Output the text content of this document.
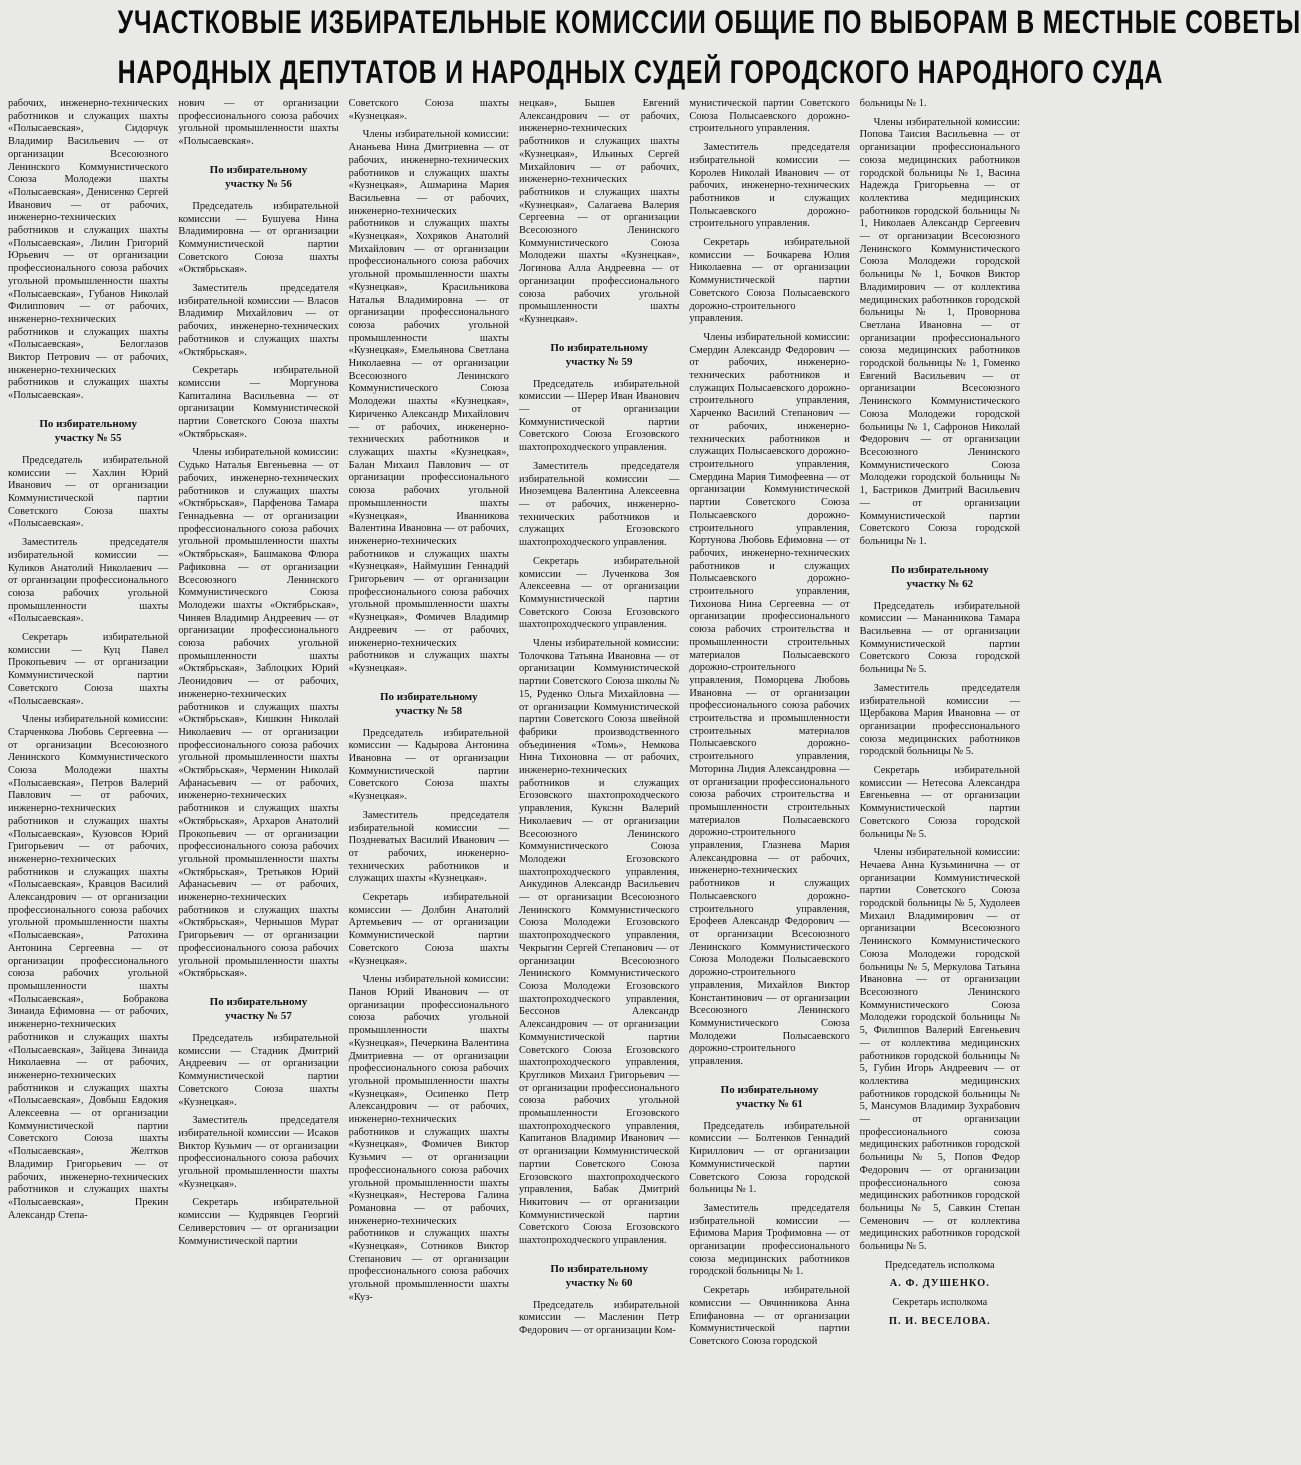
УЧАСТКОВЫЕ ИЗБИРАТЕЛЬНЫЕ КОМИССИИ ОБЩИЕ ПО ВЫБОРАМ В МЕСТНЫЕ СОВЕТЫ
НАРОДНЫХ ДЕПУТАТОВ И НАРОДНЫХ СУДЕЙ ГОРОДСКОГО НАРОДНОГО СУДА

рабочих, инженерно-технических работников и служащих шахты «Полысаевская», Сидорчук Владимир Васильевич — от организации Всесоюзного Ленинского Коммунистического Союза Молодежи шахты «Полысаевская», Денисенко Сергей Иванович — от рабочих, инженерно-технических работников и служащих шахты «Полысаевская», Лилин Григорий Юрьевич — от организации профессионального союза рабочих угольной промышленности шахты «Полысаевская», Губанов Николай Филиппович — от рабочих, инженерно-технических работников и служащих шахты «Полысаевская», Белоглазов Виктор Петрович — от рабочих, инженерно-технических работников и служащих шахты «Полысаевская».

По избирательному
участку № 55

Председатель избирательной комиссии — Хахлин Юрий Иванович — от организации Коммунистической партии Советского Союза шахты «Полысаевская».

Заместитель председателя избирательной комиссии — Куликов Анатолий Николаевич — от организации профессионального союза рабочих угольной промышленности шахты «Полысаевская».

Секретарь избирательной комиссии — Куц Павел Прокопьевич — от организации Коммунистической партии Советского Союза шахты «Полысаевская».

Члены избирательной комиссии: Старченкова Любовь Сергеевна — от организации Всесоюзного Ленинского Коммунистического Союза Молодежи шахты «Полысаевская», Петров Валерий Павлович — от рабочих, инженерно-технических работников и служащих шахты «Полысаевская», Кузовсов Юрий Григорьевич — от рабочих, инженерно-технических работников и служащих шахты «Полысаевская», Кравцов Василий Александрович — от организации профессионального союза рабочих угольной промышленности шахты «Полысаевская», Ратохина Антонина Сергеевна — от организации профессионального союза рабочих угольной промышленности шахты «Полысаевская», Бобракова Зинаида Ефимовна — от рабочих, инженерно-технических работников и служащих шахты «Полысаевская», Зайцева Зинаида Николаевна — от рабочих, инженерно-технических работников и служащих шахты «Полысаевская», Довбыш Евдокия Алексеевна — от организации Коммунистической партии Советского Союза шахты «Полысаевская», Желтков Владимир Григорьевич — от рабочих, инженерно-технических работников и служащих шахты «Полысаевская», Прекин Александр Степа-

нович — от организации профессионального союза рабочих угольной промышленности шахты «Полысаевская».

По избирательному
участку № 56

Председатель избирательной комиссии — Бушуева Нина Владимировна — от организации Коммунистической партии Советского Союза шахты «Октябрьская».

Заместитель председателя избирательной комиссии — Власов Владимир Михайлович — от рабочих, инженерно-технических работников и служащих шахты «Октябрьская».

Секретарь избирательной комиссии — Моргунова Капиталина Васильевна — от организации Коммунистической партии Советского Союза шахты «Октябрьская».

Члены избирательной комиссии: Судько Наталья Евгеньевна — от рабочих, инженерно-технических работников и служащих шахты «Октябрьская», Парфенова Тамара Геннадьевна — от организации профессионального союза рабочих угольной промышленности шахты «Октябрьская», Башмакова Флюра Рафиковна — от организации Всесоюзного Ленинского Коммунистического Союза Молодежи шахты «Октябрьская», Чиняев Владимир Андреевич — от организации профессионального союза рабочих угольной промышленности шахты «Октябрьская», Заблоцких Юрий Леонидович — от рабочих, инженерно-технических работников и служащих шахты «Октябрьская», Кишкин Николай Николаевич — от организации профессионального союза рабочих угольной промышленности шахты «Октябрьская», Черменин Николай Афанасьевич — от рабочих, инженерно-технических работников и служащих шахты «Октябрьская», Архаров Анатолий Прокопьевич — от организации профессионального союза рабочих угольной промышленности шахты «Октябрьская», Третьяков Юрий Афанасьевич — от рабочих, инженерно-технических работников и служащих шахты «Октябрьская», Чернышов Мурат Григорьевич — от организации профессионального союза рабочих угольной промышленности шахты «Октябрьская».

По избирательному
участку № 57

Председатель избирательной комиссии — Стадник Дмитрий Андреевич — от организации Коммунистической партии Советского Союза шахты «Кузнецкая».

Заместитель председателя избирательной комиссии — Исаков Виктор Кузьмич — от организации профессионального союза рабочих угольной промышленности шахты «Кузнецкая».

Секретарь избирательной комиссии — Кудрявцев Георгий Селиверстович — от организации Коммунистической партии

Советского Союза шахты «Кузнецкая».

Члены избирательной комиссии: Ананьева Нина Дмитриевна — от рабочих, инженерно-технических работников и служащих шахты «Кузнецкая», Ашмарина Мария Васильевна — от рабочих, инженерно-технических работников и служащих шахты «Кузнецкая», Хохряков Анатолий Михайлович — от организации профессионального союза рабочих угольной промышленности шахты «Кузнецкая», Красильникова Наталья Владимировна — от организации профессионального союза рабочих угольной промышленности шахты «Кузнецкая», Емельянова Светлана Николаевна — от организации Всесоюзного Ленинского Коммунистического Союза Молодежи шахты «Кузнецкая», Кириченко Александр Михайлович — от рабочих, инженерно-технических работников и служащих шахты «Кузнецкая», Балан Михаил Павлович — от организации профессионального союза рабочих угольной промышленности шахты «Кузнецкая», Иванникова Валентина Ивановна — от рабочих, инженерно-технических работников и служащих шахты «Кузнецкая», Наймушин Геннадий Григорьевич — от организации профессионального союза рабочих угольной промышленности шахты «Кузнецкая», Фомичев Владимир Андреевич — от рабочих, инженерно-технических работников и служащих шахты «Кузнецкая».

По избирательному
участку № 58

Председатель избирательной комиссии — Кадырова Антонина Ивановна — от организации Коммунистической партии Советского Союза шахты «Кузнецкая».

Заместитель председателя избирательной комиссии — Поздневатых Василий Иванович — от рабочих, инженерно-технических работников и служащих шахты «Кузнецкая».

Секретарь избирательной комиссии — Долбин Анатолий Артемьевич — от организации Коммунистической партии Советского Союза шахты «Кузнецкая».

Члены избирательной комиссии: Панов Юрий Иванович — от организации профессионального союза рабочих угольной промышленности шахты «Кузнецкая», Печеркина Валентина Дмитриевна — от организации профессионального союза рабочих угольной промышленности шахты «Кузнецкая», Осипенко Петр Александрович — от рабочих, инженерно-технических работников и служащих шахты «Кузнецкая», Фомичев Виктор Кузьмич — от организации профессионального союза рабочих угольной промышленности шахты «Кузнецкая», Нестерова Галина Романовна — от рабочих, инженерно-технических работников и служащих шахты «Кузнецкая», Сотников Виктор Степанович — от организации профессионального союза рабочих угольной промышленности шахты «Куз-

нецкая», Бышев Евгений Александрович — от рабочих, инженерно-технических работников и служащих шахты «Кузнецкая», Ильиных Сергей Михайлович — от рабочих, инженерно-технических работников и служащих шахты «Кузнецкая», Салагаева Валерия Сергеевна — от организации Всесоюзного Ленинского Коммунистического Союза Молодежи шахты «Кузнецкая», Логинова Алла Андреевна — от организации профессионального союза рабочих угольной промышленности шахты «Кузнецкая».

По избирательному
участку № 59

Председатель избирательной комиссии — Шерер Иван Иванович — от организации Коммунистической партии Советского Союза Егозовского шахтопроходческого управления.

Заместитель председателя избирательной комиссии — Иноземцева Валентина Алексеевна — от рабочих, инженерно-технических работников и служащих Егозовского шахтопроходческого управления.

Секретарь избирательной комиссии — Лученкова Зоя Алексеевна — от организации Коммунистической партии Советского Союза Егозовского шахтопроходческого управления.

Члены избирательной комиссии: Толочкова Татьяна Ивановна — от организации Коммунистической партии Советского Союза школы № 15, Руденко Ольга Михайловна — от организации Коммунистической партии Советского Союза швейной фабрики производственного объединения «Томь», Немкова Нина Тихоновна — от рабочих, инженерно-технических работников и служащих Егозовского шахтопроходческого управления, Кукснн Валерий Николаевич — от организации Всесоюзного Ленинского Коммунистического Союза Молодежи Егозовского шахтопроходческого управления, Анкудинов Александр Васильевич — от организации Всесоюзного Ленинского Коммунистического Союза Молодежи Егозовского шахтопроходческого управления, Чекрыгин Сергей Степанович — от организации Всесоюзного Ленинского Коммунистического Союза Молодежи Егозовского шахтопроходческого управления, Бессонов Александр Александрович — от организации Коммунистической партии Советского Союза Егозовского шахтопроходческого управления, Кругликов Михаил Григорьевич — от организации профессионального союза рабочих угольной промышленности Егозовского шахтопроходческого управления, Капитанов Владимир Иванович — от организации Коммунистической партии Советского Союза Егозовского шахтопроходческого управления, Бабак Дмитрий Никитович — от организации Коммунистической партии Советского Союза Егозовского шахтопроходческого управления.

По избирательному
участку № 60

Председатель избирательной комиссии — Масленин Петр Федорович — от организации Ком-

мунистической партии Советского Союза Полысаевского дорожно-строительного управления.

Заместитель председателя избирательной комиссии — Королев Николай Иванович — от рабочих, инженерно-технических работников и служащих Полысаевского дорожно-строительного управления.

Секретарь избирательной комиссии — Бочкарева Юлия Николаевна — от организации Коммунистической партии Советского Союза Полысаевского дорожно-строительного управления.

Члены избирательной комиссии: Смердин Александр Федорович — от рабочих, инженерно-технических работников и служащих Полысаевского дорожно-строительного управления, Харченко Василий Степанович — от рабочих, инженерно-технических работников и служащих Полысаевского дорожно-строительного управления, Смердина Мария Тимофеевна — от организации Коммунистической партии Советского Союза Полысаевского дорожно-строительного управления, Кортунова Любовь Ефимовна — от рабочих, инженерно-технических работников и служащих Полысаевского дорожно-строительного управления, Тихонова Нина Сергеевна — от организации профессионального союза рабочих строительства и промышленности строительных материалов Полысаевского дорожно-строительного управления, Поморцева Любовь Ивановна — от организации профессионального союза рабочих строительства и промышленности строительных материалов Полысаевского дорожно-строительного управления, Моторина Лидия Александровна — от организации профессионального союза рабочих строительства и промышленности строительных материалов Полысаевского дорожно-строительного управления, Глазнева Мария Александровна — от рабочих, инженерно-технических работников и служащих Полысаевского дорожно-строительного управления, Ерофеев Александр Федорович — от организации Всесоюзного Ленинского Коммунистического Союза Молодежи Полысаевского дорожно-строительного управления, Михайлов Виктор Константинович — от организации Всесоюзного Ленинского Коммунистического Союза Молодежи Полысаевского дорожно-строительного управления.

По избирательному
участку № 61

Председатель избирательной комиссии — Болтенков Геннадий Кириллович — от организации Коммунистической партии Советского Союза городской больницы № 1.

Заместитель председателя избирательной комиссии — Ефимова Мария Трофимовна — от организации профессионального союза медицинских работников городской больницы № 1.

Секретарь избирательной комиссии — Овчинникова Анна Епифановна — от организации Коммунистической партии Советского Союза городской

больницы № 1.

Члены избирательной комиссии: Попова Таисия Васильевна — от организации профессионального союза медицинских работников городской больницы № 1, Васина Надежда Григорьевна — от коллектива медицинских работников городской больницы № 1, Николаев Александр Сергеевич — от организации Всесоюзного Ленинского Коммунистического Союза Молодежи городской больницы № 1, Бочков Виктор Владимирович — от коллектива медицинских работников городской больницы № 1, Проворнова Светлана Ивановна — от организации профессионального союза медицинских работников городской больницы № 1, Гоменко Евгений Васильевич — от организации Всесоюзного Ленинского Коммунистического Союза Молодежи городской больницы № 1, Сафронов Николай Федорович — от организации Всесоюзного Ленинского Коммунистического Союза Молодежи городской больницы № 1, Бастриков Дмитрий Васильевич — от организации Коммунистической партии Советского Союза городской больницы № 1.

По избирательному
участку № 62

Председатель избирательной комиссии — Мананникова Тамара Васильевна — от организации Коммунистической партии Советского Союза городской больницы № 5.

Заместитель председателя избирательной комиссии — Щербакова Мария Ивановна — от организации профессионального союза медицинских работников городской больницы № 5.

Секретарь избирательной комиссии — Нетесова Александра Евгеньевна — от организации Коммунистической партии Советского Союза городской больницы № 5.

Члены избирательной комиссии: Нечаева Анна Кузьминична — от организации Коммунистической партии Советского Союза городской больницы № 5, Худолеев Михаил Владимирович — от организации Всесоюзного Ленинского Коммунистического Союза Молодежи городской больницы № 5, Меркулова Татьяна Ивановна — от организации Всесоюзного Ленинского Коммунистического Союза Молодежи городской больницы № 5, Филиппов Валерий Евгеньевич — от коллектива медицинских работников городской больницы № 5, Губин Игорь Андреевич — от коллектива медицинских работников городской больницы № 5, Мансумов Владимир Зухрабович — от организации профессионального союза медицинских работников городской больницы № 5, Попов Федор Федорович — от организации профессионального союза медицинских работников городской больницы № 5, Савкин Степан Семенович — от коллектива медицинских работников городской больницы № 5.

Председатель исполкома

А. Ф. ДУШЕНКО.

Секретарь исполкома

П. И. ВЕСЕЛОВА.
